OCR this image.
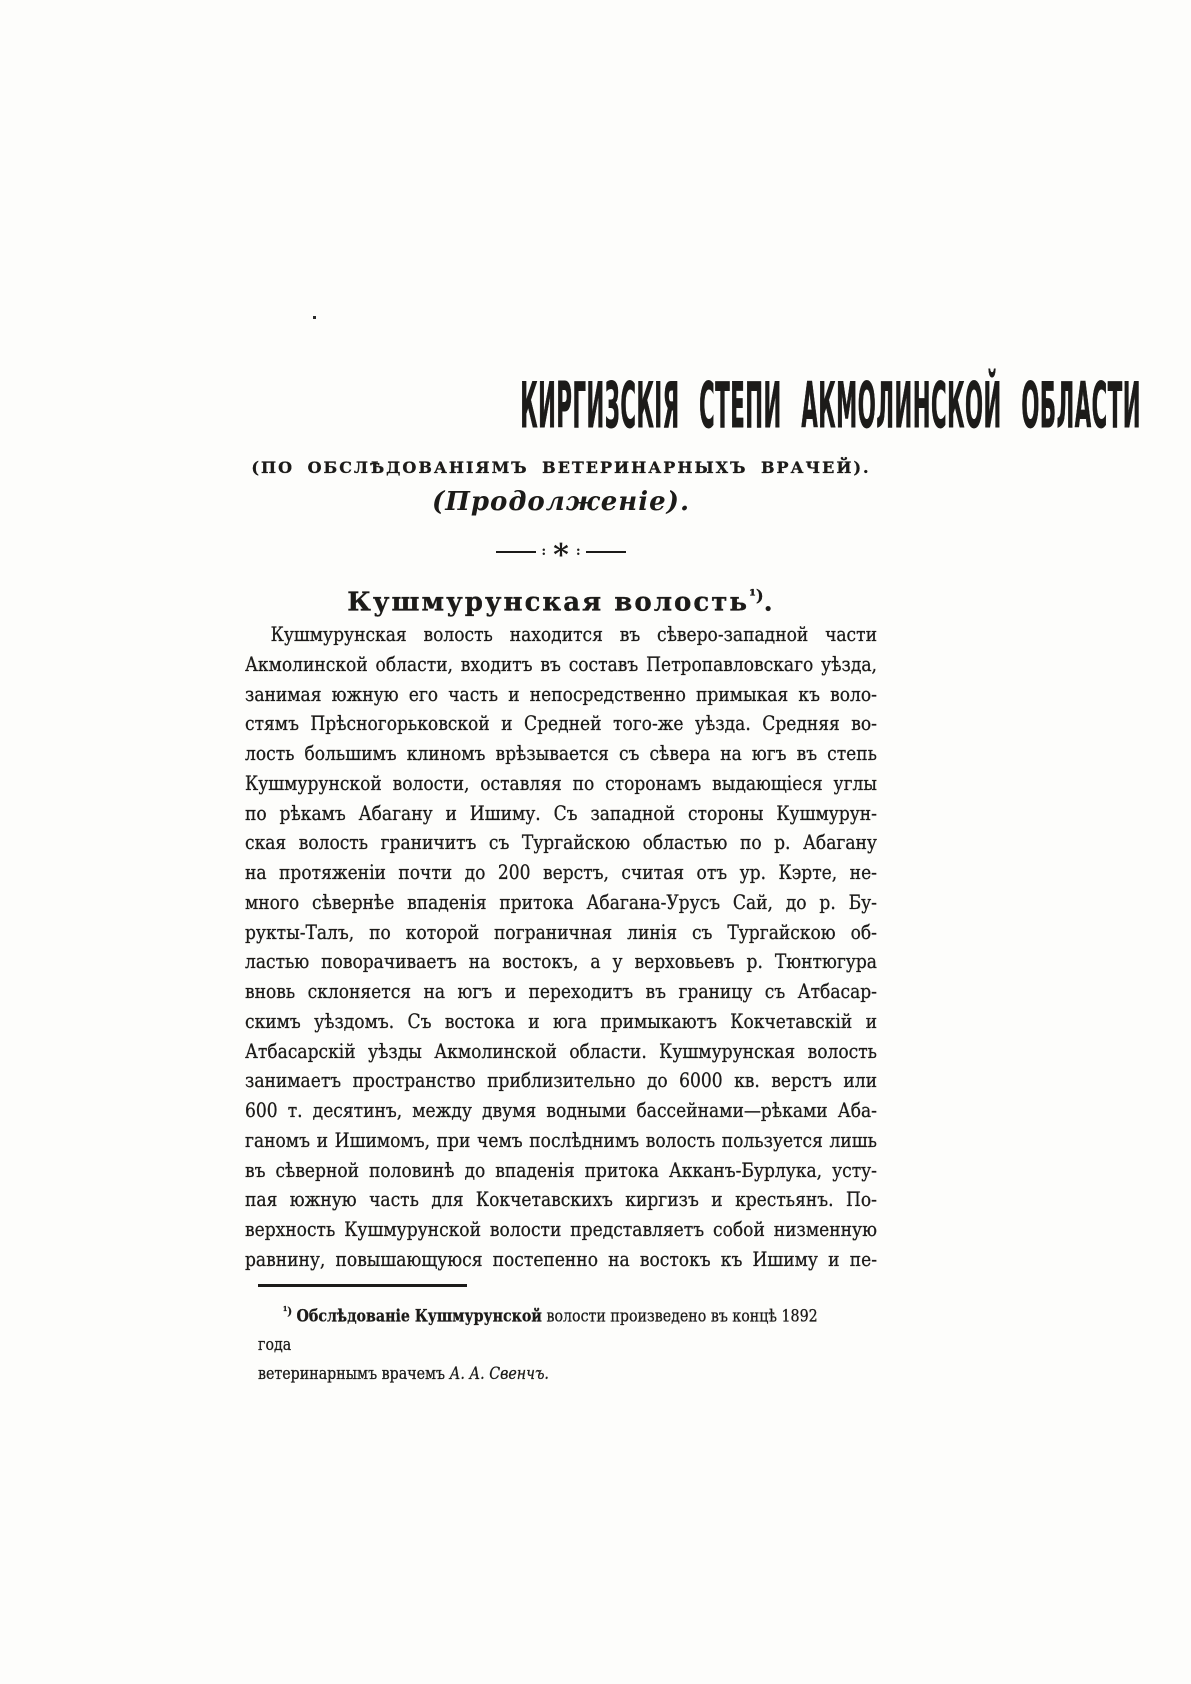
КИРГИЗСКІЯ СТЕПИ АКМОЛИНСКОЙ ОБЛАСТИ
(ПО ОБСЛѢДОВАНІЯМЪ ВЕТЕРИНАРНЫХЪ ВРАЧЕЙ).
(Продолженіе).
: * :
Кушмурунская волость$^{^1)}$.
Кушмурунская волость находится въ сѣверо-западной части
Акмолинской области, входитъ въ составъ Петропавловскаго уѣзда,
занимая южную его часть и непосредственно примыкая къ воло-
стямъ Прѣсногорьковской и Средней того-же уѣзда. Средняя во-
лость большимъ клиномъ врѣзывается съ сѣвера на югъ въ степь
Кушмурунской волости, оставляя по сторонамъ выдающіеся углы
по рѣкамъ Абагану и Ишиму. Съ западной стороны Кушмурун-
ская волость граничитъ съ Тургайскою областью по р. Абагану
на протяженіи почти до 200 верстъ, считая отъ ур. Кэрте, не-
много сѣвернѣе впаденія притока Абагана-Урусъ Сай, до р. Бу-
рукты-Талъ, по которой пограничная линія съ Тургайскою об-
ластью поворачиваетъ на востокъ, а у верховьевъ р. Тюнтюгура
вновь склоняется на югъ и переходитъ въ границу съ Атбасар-
скимъ уѣздомъ. Съ востока и юга примыкаютъ Кокчетавскій и
Атбасарскій уѣзды Акмолинской области. Кушмурунская волость
занимаетъ пространство приблизительно до 6000 кв. верстъ или
600 т. десятинъ, между двумя водными бассейнами—рѣками Аба-
ганомъ и Ишимомъ, при чемъ послѣднимъ волость пользуется лишь
въ сѣверной половинѣ до впаденія притока Акканъ-Бурлука, усту-
пая южную часть для Кокчетавскихъ киргизъ и крестьянъ. По-
верхность Кушмурунской волости представляетъ собой низменную
равнину, повышающуюся постепенно на востокъ къ Ишиму и пе-
$^{^1)}$ Обслѣдованіе Кушмурунской волости произведено въ концѣ 1892 года
ветеринарнымъ врачемъ А. А. Свенчъ.
